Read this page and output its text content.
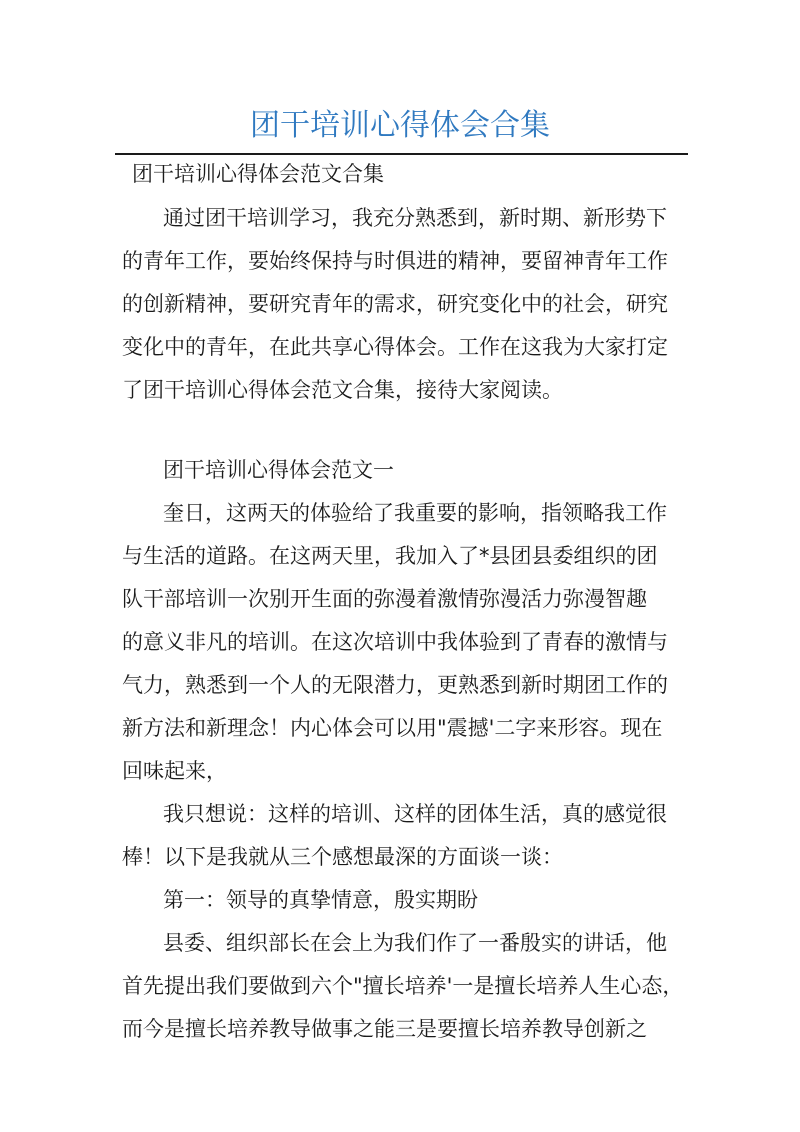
团干培训心得体会合集
团干培训心得体会范文合集
通过团干培训学习，我充分熟悉到，新时期、新形势下
的青年工作，要始终保持与时俱进的精神，要留神青年工作
的创新精神，要研究青年的需求，研究变化中的社会，研究
变化中的青年，在此共享心得体会。工作在这我为大家打定
了团干培训心得体会范文合集，接待大家阅读。
团干培训心得体会范文一
奎日，这两天的体验给了我重要的影响，指领略我工作
与生活的道路。在这两天里，我加入了*县团县委组织的团
队干部培训一次别开生面的弥漫着激情弥漫活力弥漫智趣
的意义非凡的培训。在这次培训中我体验到了青春的激情与
气力，熟悉到一个人的无限潜力，更熟悉到新时期团工作的
新方法和新理念！内心体会可以用"震撼'二字来形容。现在
回味起来，
我只想说：这样的培训、这样的团体生活，真的感觉很
棒！以下是我就从三个感想最深的方面谈一谈：
第一：领导的真挚情意，殷实期盼
县委、组织部长在会上为我们作了一番殷实的讲话，他
首先提出我们要做到六个"擅长培养'一是擅长培养人生心态，
而今是擅长培养教导做事之能三是要擅长培养教导创新之
